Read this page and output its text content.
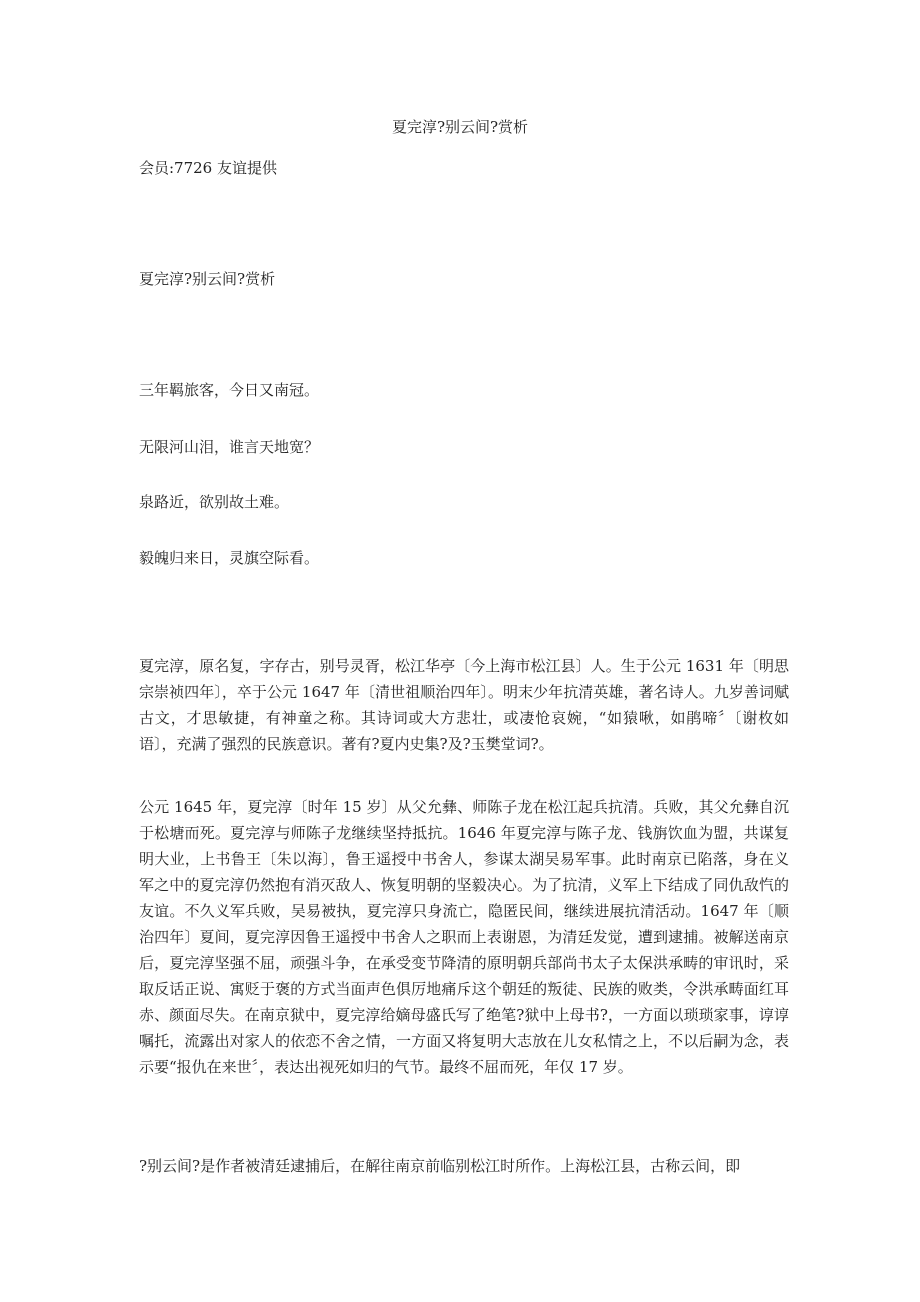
夏完淳?别云间?赏析
会员:7726 友谊提供
夏完淳?别云间?赏析
三年羁旅客，今日又南冠。
无限河山泪，谁言天地宽？
泉路近，欲别故土难。
毅魄归来日，灵旗空际看。
夏完淳，原名复，字存古，别号灵胥，松江华亭〔今上海市松江县〕人。生于公元 1631 年〔明思宗崇祯四年〕，卒于公元 1647 年〔清世祖顺治四年〕。明末少年抗清英雄，著名诗人。九岁善词赋古文，才思敏捷，有神童之称。其诗词或大方悲壮，或凄怆哀婉，“如猿啾，如鹃啼〞〔谢枚如语〕，充满了强烈的民族意识。著有?夏内史集?及?玉樊堂词?。
公元 1645 年，夏完淳〔时年 15 岁〕从父允彝、师陈子龙在松江起兵抗清。兵败，其父允彝自沉于松塘而死。夏完淳与师陈子龙继续坚持抵抗。1646 年夏完淳与陈子龙、钱旃饮血为盟，共谋复明大业，上书鲁王〔朱以海〕，鲁王遥授中书舍人，参谋太湖吴易军事。此时南京已陷落，身在义军之中的夏完淳仍然抱有消灭敌人、恢复明朝的坚毅决心。为了抗清，义军上下结成了同仇敌忾的友谊。不久义军兵败，吴易被执，夏完淳只身流亡，隐匿民间，继续进展抗清活动。1647 年〔顺治四年〕夏间，夏完淳因鲁王遥授中书舍人之职而上表谢恩，为清廷发觉，遭到逮捕。被解送南京后，夏完淳坚强不屈，顽强斗争，在承受变节降清的原明朝兵部尚书太子太保洪承畴的审讯时，采取反话正说、寓贬于褒的方式当面声色俱厉地痛斥这个朝廷的叛徒、民族的败类，令洪承畴面红耳赤、颜面尽失。在南京狱中，夏完淳给嫡母盛氏写了绝笔?狱中上母书?，一方面以琐琐家事，谆谆嘱托，流露出对家人的依恋不舍之情，一方面又将复明大志放在儿女私情之上，不以后嗣为念，表示要“报仇在来世〞，表达出视死如归的气节。最终不屈而死，年仅 17 岁。
?别云间?是作者被清廷逮捕后，在解往南京前临别松江时所作。上海松江县，古称云间，即
